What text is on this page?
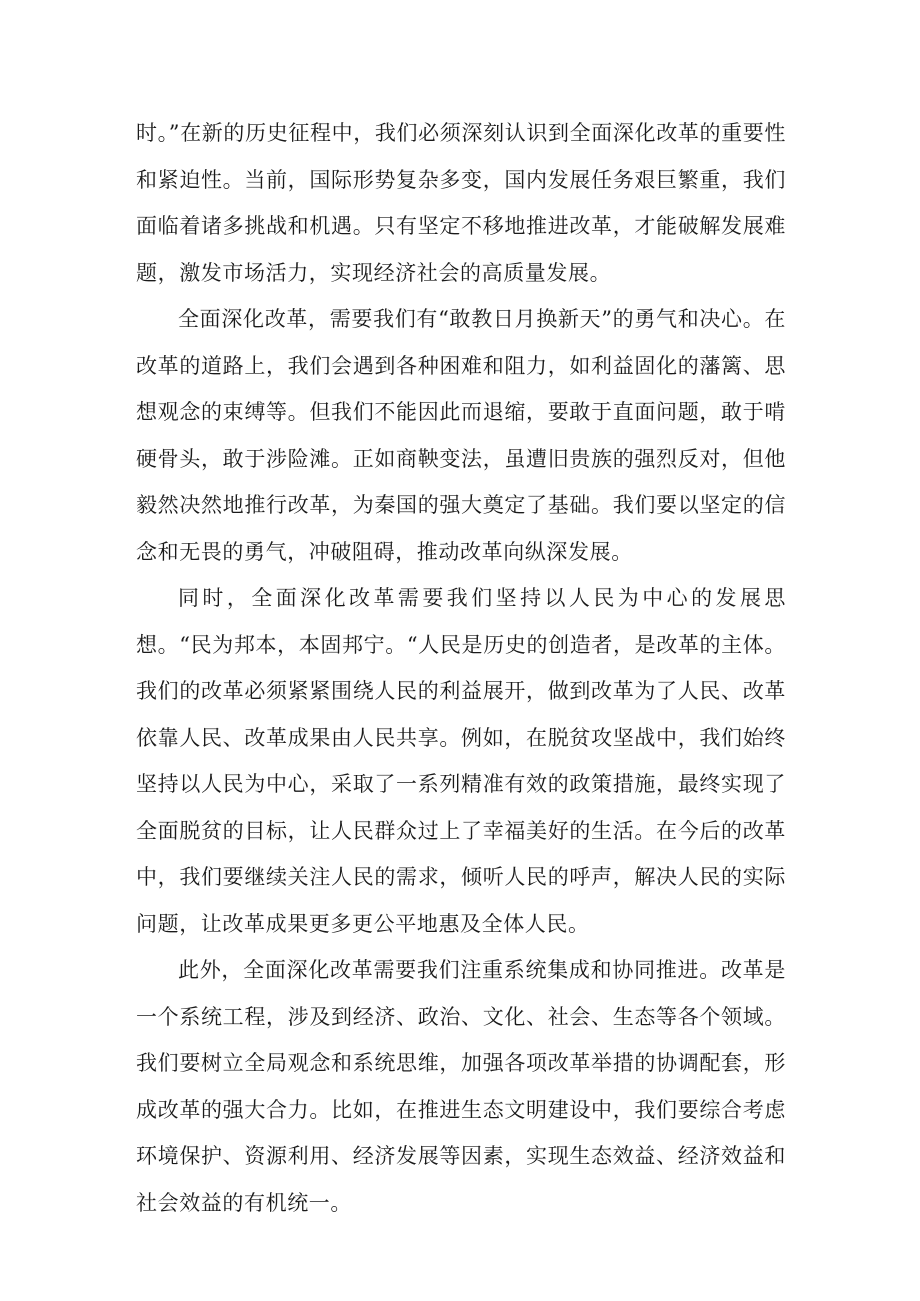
时。”在新的历史征程中，我们必须深刻认识到全面深化改革的重要性和紧迫性。当前，国际形势复杂多变，国内发展任务艰巨繁重，我们面临着诸多挑战和机遇。只有坚定不移地推进改革，才能破解发展难题，激发市场活力，实现经济社会的高质量发展。

全面深化改革，需要我们有“敢教日月换新天”的勇气和决心。在改革的道路上，我们会遇到各种困难和阻力，如利益固化的藩篱、思想观念的束缚等。但我们不能因此而退缩，要敢于直面问题，敢于啃硬骨头，敢于涉险滩。正如商鞅变法，虽遭旧贵族的强烈反对，但他毅然决然地推行改革，为秦国的强大奠定了基础。我们要以坚定的信念和无畏的勇气，冲破阻碍，推动改革向纵深发展。

同时，全面深化改革需要我们坚持以人民为中心的发展思想。“民为邦本，本固邦宁。“人民是历史的创造者，是改革的主体。我们的改革必须紧紧围绕人民的利益展开，做到改革为了人民、改革依靠人民、改革成果由人民共享。例如，在脱贫攻坚战中，我们始终坚持以人民为中心，采取了一系列精准有效的政策措施，最终实现了全面脱贫的目标，让人民群众过上了幸福美好的生活。在今后的改革中，我们要继续关注人民的需求，倾听人民的呼声，解决人民的实际问题，让改革成果更多更公平地惠及全体人民。

此外，全面深化改革需要我们注重系统集成和协同推进。改革是一个系统工程，涉及到经济、政治、文化、社会、生态等各个领域。我们要树立全局观念和系统思维，加强各项改革举措的协调配套，形成改革的强大合力。比如，在推进生态文明建设中，我们要综合考虑环境保护、资源利用、经济发展等因素，实现生态效益、经济效益和社会效益的有机统一。
